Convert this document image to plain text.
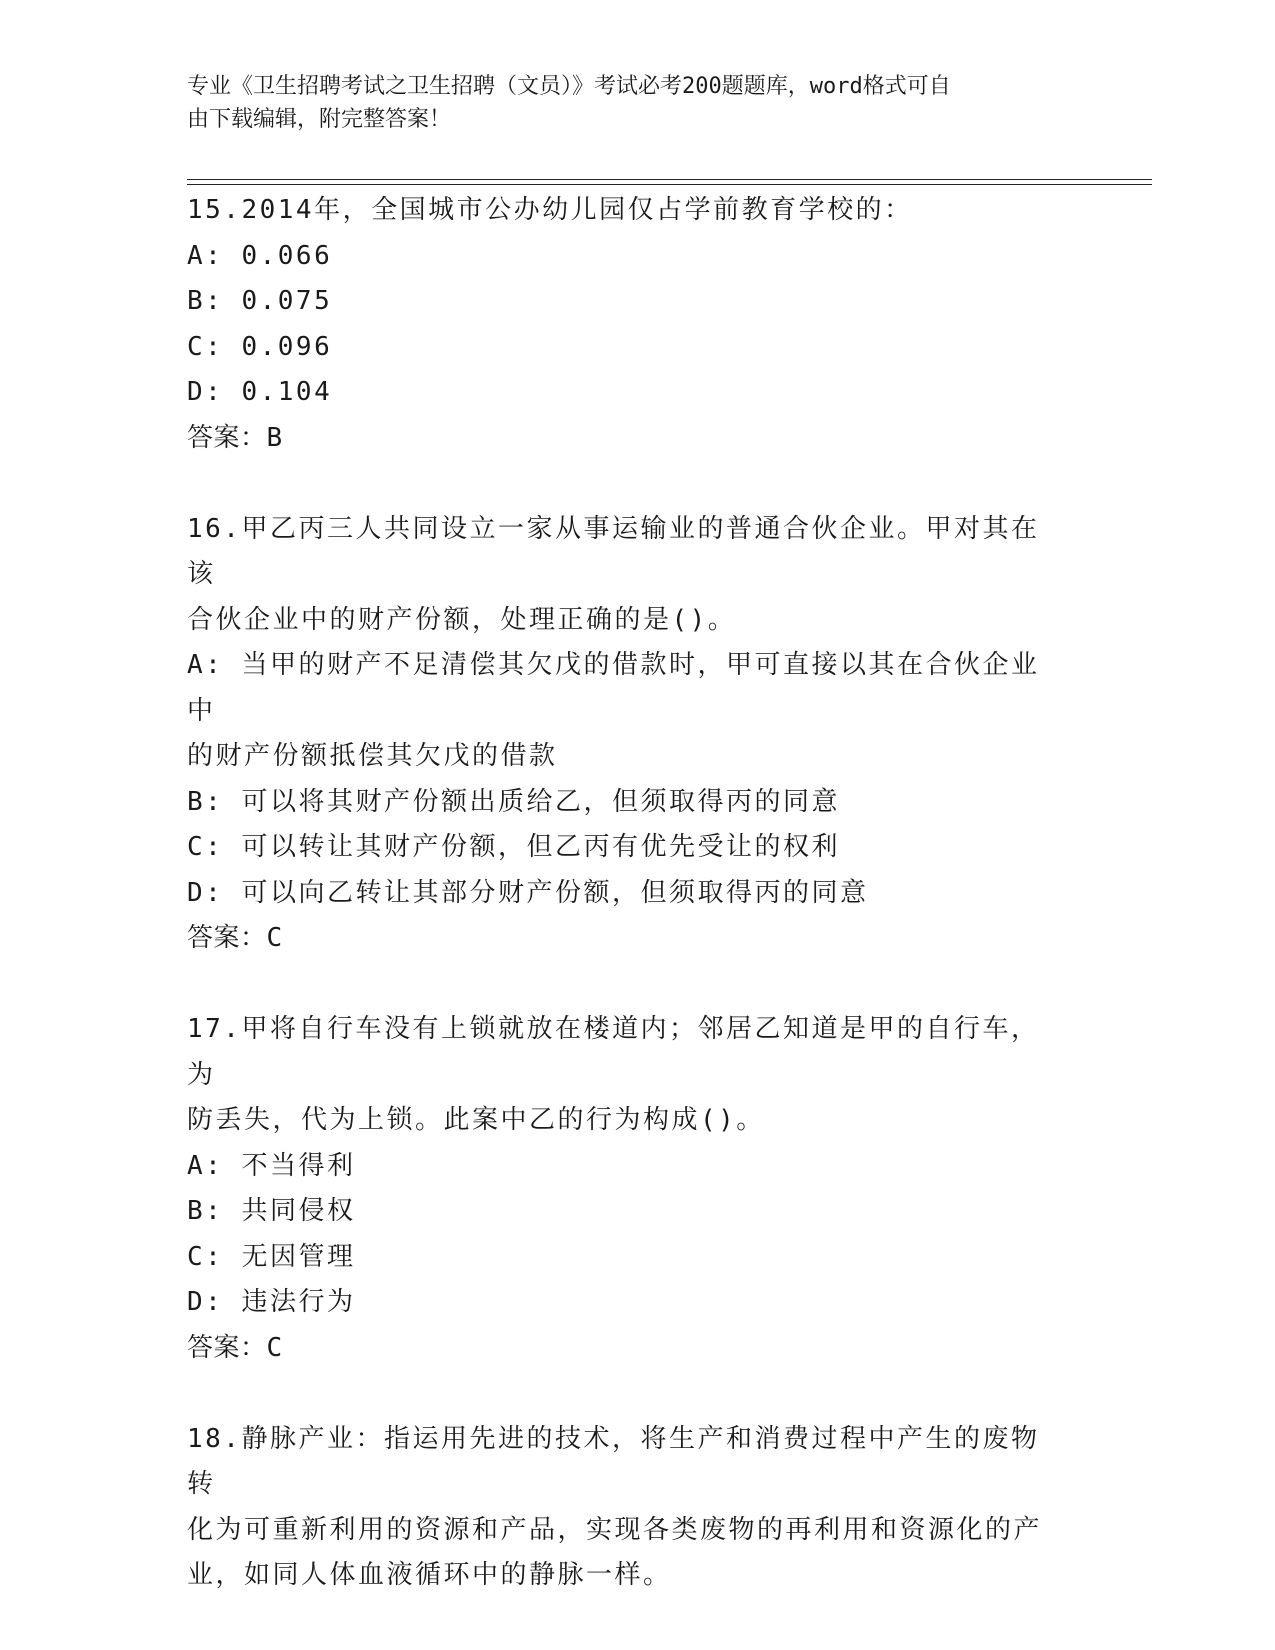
专业《卫生招聘考试之卫生招聘（文员）》考试必考200题题库，word格式可自
由下载编辑，附完整答案！
15.2014年，全国城市公办幼儿园仅占学前教育学校的：
A: 0.066
B: 0.075
C: 0.096
D: 0.104
答案：B
16.甲乙丙三人共同设立一家从事运输业的普通合伙企业。甲对其在该
合伙企业中的财产份额，处理正确的是()。
A: 当甲的财产不足清偿其欠戊的借款时，甲可直接以其在合伙企业中
的财产份额抵偿其欠戊的借款
B: 可以将其财产份额出质给乙，但须取得丙的同意
C: 可以转让其财产份额，但乙丙有优先受让的权利
D: 可以向乙转让其部分财产份额，但须取得丙的同意
答案：C
17.甲将自行车没有上锁就放在楼道内；邻居乙知道是甲的自行车，为
防丢失，代为上锁。此案中乙的行为构成()。
A: 不当得利
B: 共同侵权
C: 无因管理
D: 违法行为
答案：C
18.静脉产业：指运用先进的技术，将生产和消费过程中产生的废物转
化为可重新利用的资源和产品，实现各类废物的再利用和资源化的产
业，如同人体血液循环中的静脉一样。
